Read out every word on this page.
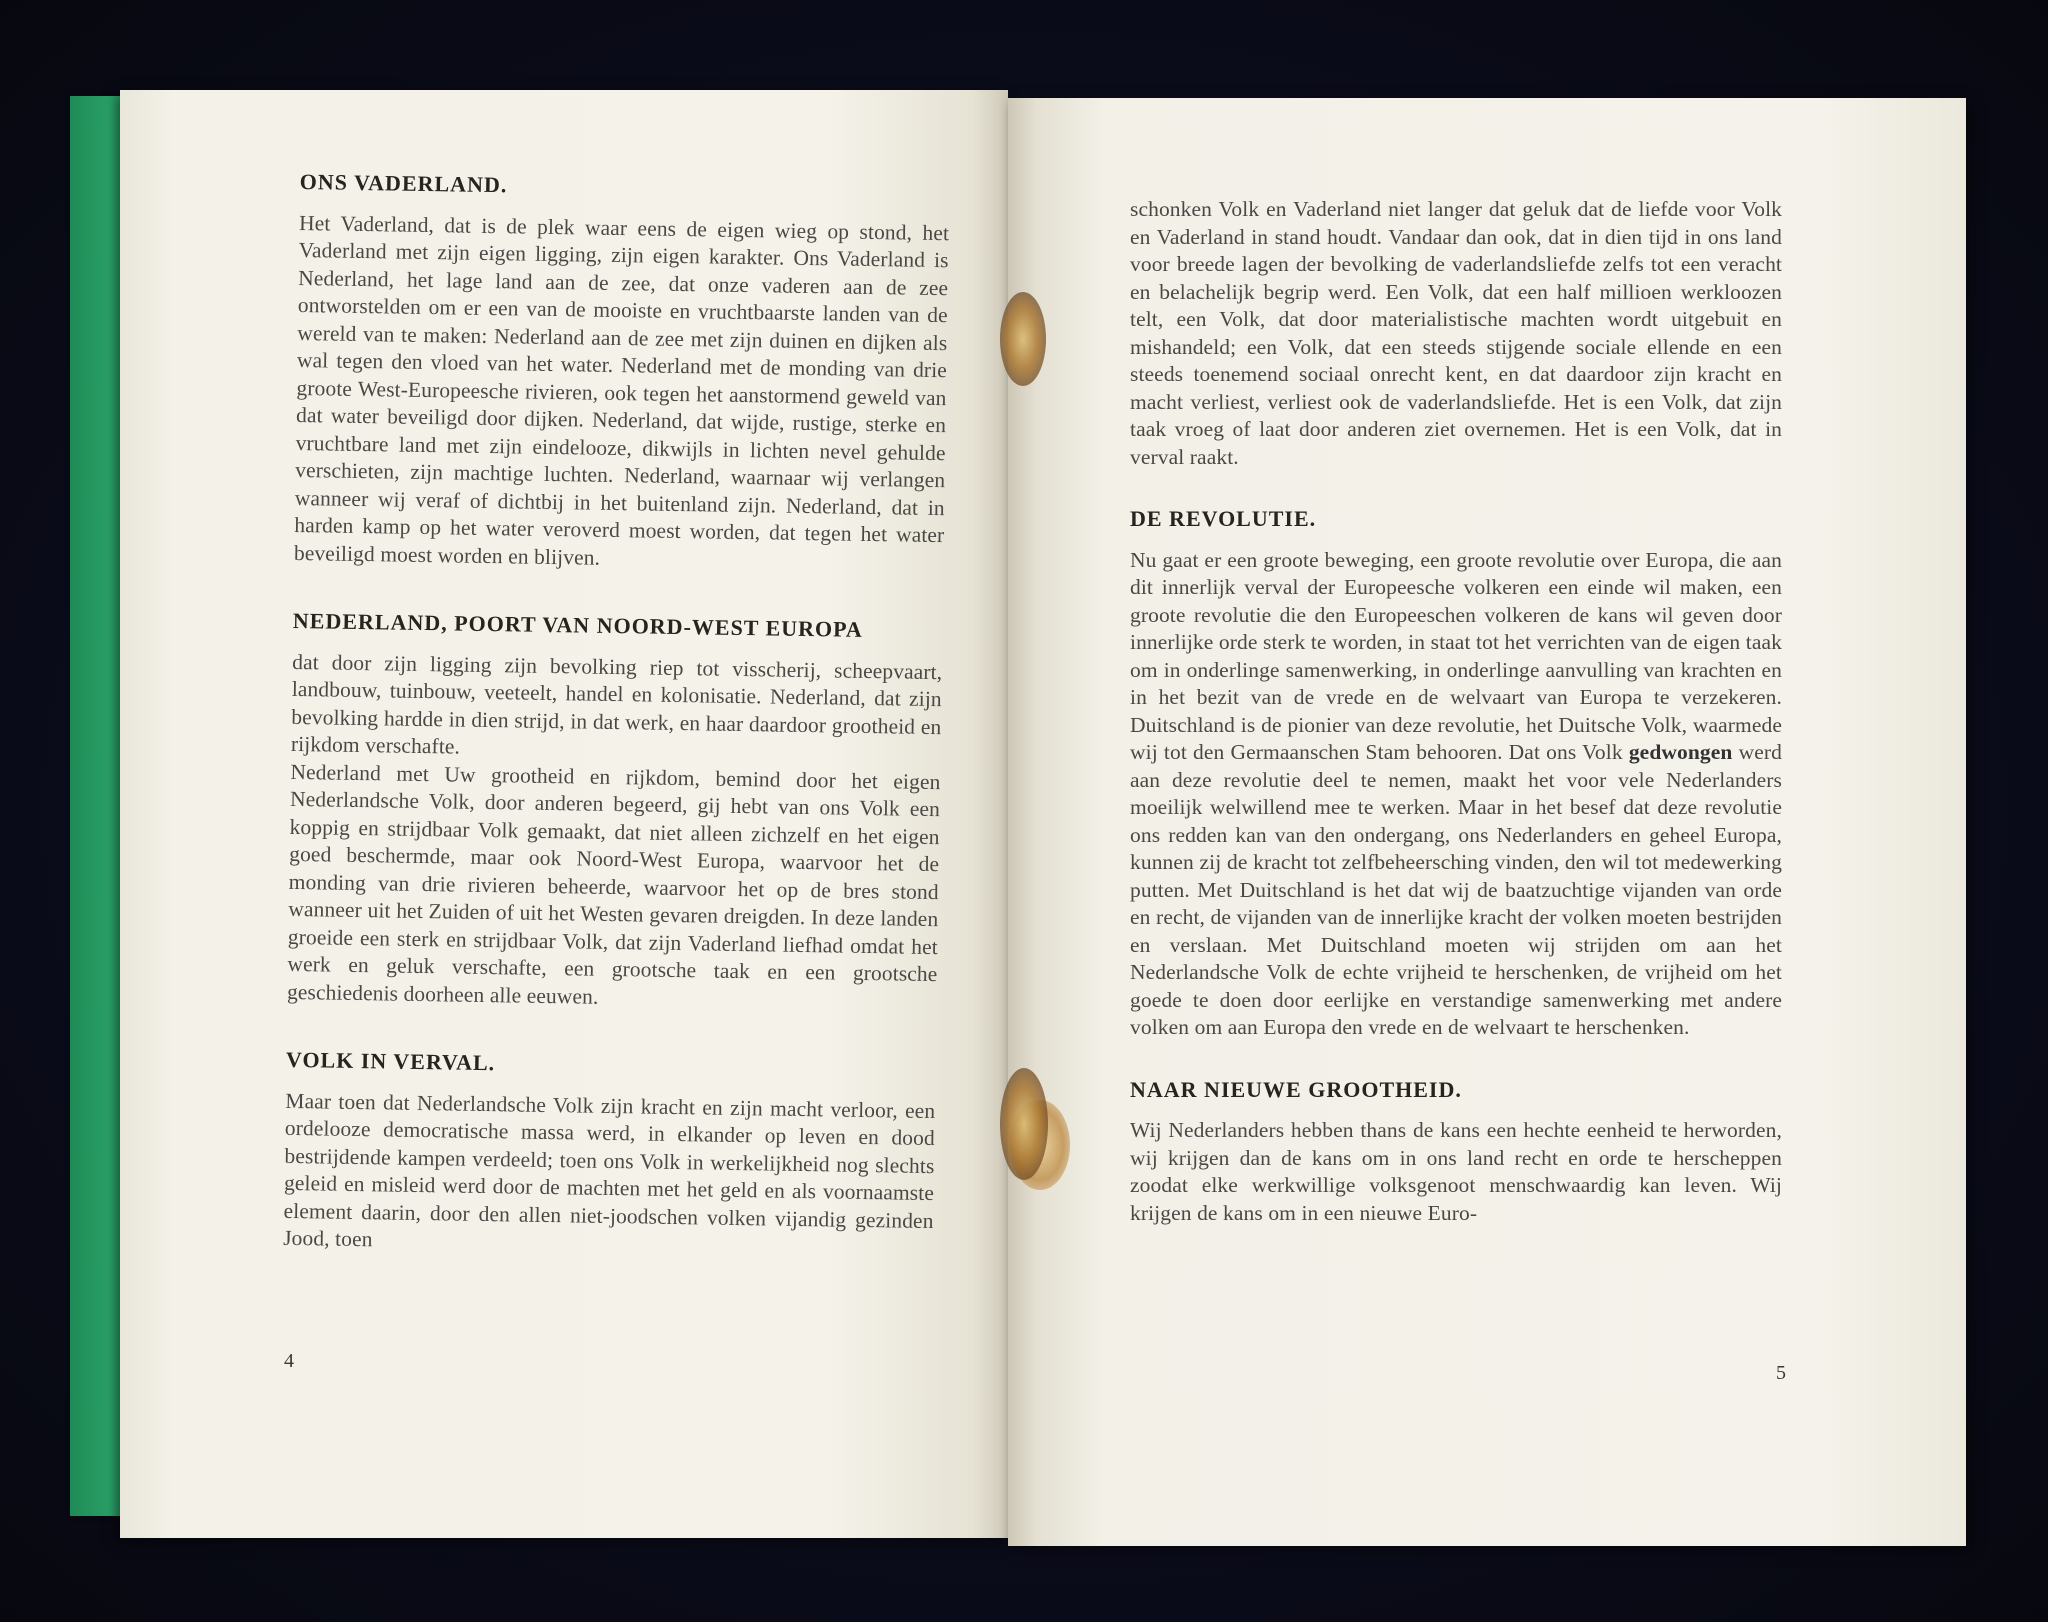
ONS VADERLAND.

Het Vaderland, dat is de plek waar eens de eigen wieg op stond, het Vaderland met zijn eigen ligging, zijn eigen karakter. Ons Vaderland is Nederland, het lage land aan de zee, dat onze vaderen aan de zee ontworstelden om er een van de mooiste en vruchtbaarste landen van de wereld van te maken: Nederland aan de zee met zijn duinen en dijken als wal tegen den vloed van het water. Nederland met de monding van drie groote West-Europeesche rivieren, ook tegen het aanstormend geweld van dat water beveiligd door dijken. Nederland, dat wijde, rustige, sterke en vruchtbare land met zijn eindelooze, dikwijls in lichten nevel gehulde verschieten, zijn machtige luchten. Nederland, waarnaar wij verlangen wanneer wij veraf of dichtbij in het buitenland zijn. Nederland, dat in harden kamp op het water veroverd moest worden, dat tegen het water beveiligd moest worden en blijven.

NEDERLAND, POORT VAN NOORD-WEST EUROPA

dat door zijn ligging zijn bevolking riep tot visscherij, scheepvaart, landbouw, tuinbouw, veeteelt, handel en kolonisatie. Nederland, dat zijn bevolking hardde in dien strijd, in dat werk, en haar daardoor grootheid en rijkdom verschafte.

Nederland met Uw grootheid en rijkdom, bemind door het eigen Nederlandsche Volk, door anderen begeerd, gij hebt van ons Volk een koppig en strijdbaar Volk gemaakt, dat niet alleen zichzelf en het eigen goed beschermde, maar ook Noord-West Europa, waarvoor het de monding van drie rivieren beheerde, waarvoor het op de bres stond wanneer uit het Zuiden of uit het Westen gevaren dreigden. In deze landen groeide een sterk en strijdbaar Volk, dat zijn Vaderland liefhad omdat het werk en geluk verschafte, een grootsche taak en een grootsche geschiedenis doorheen alle eeuwen.

VOLK IN VERVAL.

Maar toen dat Nederlandsche Volk zijn kracht en zijn macht verloor, een ordelooze democratische massa werd, in elkander op leven en dood bestrijdende kampen verdeeld; toen ons Volk in werkelijkheid nog slechts geleid en misleid werd door de machten met het geld en als voornaamste element daarin, door den allen niet-joodschen volken vijandig gezinden Jood, toen

4

schonken Volk en Vaderland niet langer dat geluk dat de liefde voor Volk en Vaderland in stand houdt. Vandaar dan ook, dat in dien tijd in ons land voor breede lagen der bevolking de vaderlandsliefde zelfs tot een veracht en belachelijk begrip werd. Een Volk, dat een half millioen werkloozen telt, een Volk, dat door materialistische machten wordt uitgebuit en mishandeld; een Volk, dat een steeds stijgende sociale ellende en een steeds toenemend sociaal onrecht kent, en dat daardoor zijn kracht en macht verliest, verliest ook de vaderlandsliefde. Het is een Volk, dat zijn taak vroeg of laat door anderen ziet overnemen. Het is een Volk, dat in verval raakt.

DE REVOLUTIE.

Nu gaat er een groote beweging, een groote revolutie over Europa, die aan dit innerlijk verval der Europeesche volkeren een einde wil maken, een groote revolutie die den Europeeschen volkeren de kans wil geven door innerlijke orde sterk te worden, in staat tot het verrichten van de eigen taak om in onderlinge samenwerking, in onderlinge aanvulling van krachten en in het bezit van de vrede en de welvaart van Europa te verzekeren. Duitschland is de pionier van deze revolutie, het Duitsche Volk, waarmede wij tot den Germaanschen Stam behooren. Dat ons Volk gedwongen werd aan deze revolutie deel te nemen, maakt het voor vele Nederlanders moeilijk welwillend mee te werken. Maar in het besef dat deze revolutie ons redden kan van den ondergang, ons Nederlanders en geheel Europa, kunnen zij de kracht tot zelfbeheersching vinden, den wil tot medewerking putten. Met Duitschland is het dat wij de baatzuchtige vijanden van orde en recht, de vijanden van de innerlijke kracht der volken moeten bestrijden en verslaan. Met Duitschland moeten wij strijden om aan het Nederlandsche Volk de echte vrijheid te herschenken, de vrijheid om het goede te doen door eerlijke en verstandige samenwerking met andere volken om aan Europa den vrede en de welvaart te herschenken.

NAAR NIEUWE GROOTHEID.

Wij Nederlanders hebben thans de kans een hechte eenheid te herworden, wij krijgen dan de kans om in ons land recht en orde te herscheppen zoodat elke werkwillige volksgenoot menschwaardig kan leven. Wij krijgen de kans om in een nieuwe Euro-

5
